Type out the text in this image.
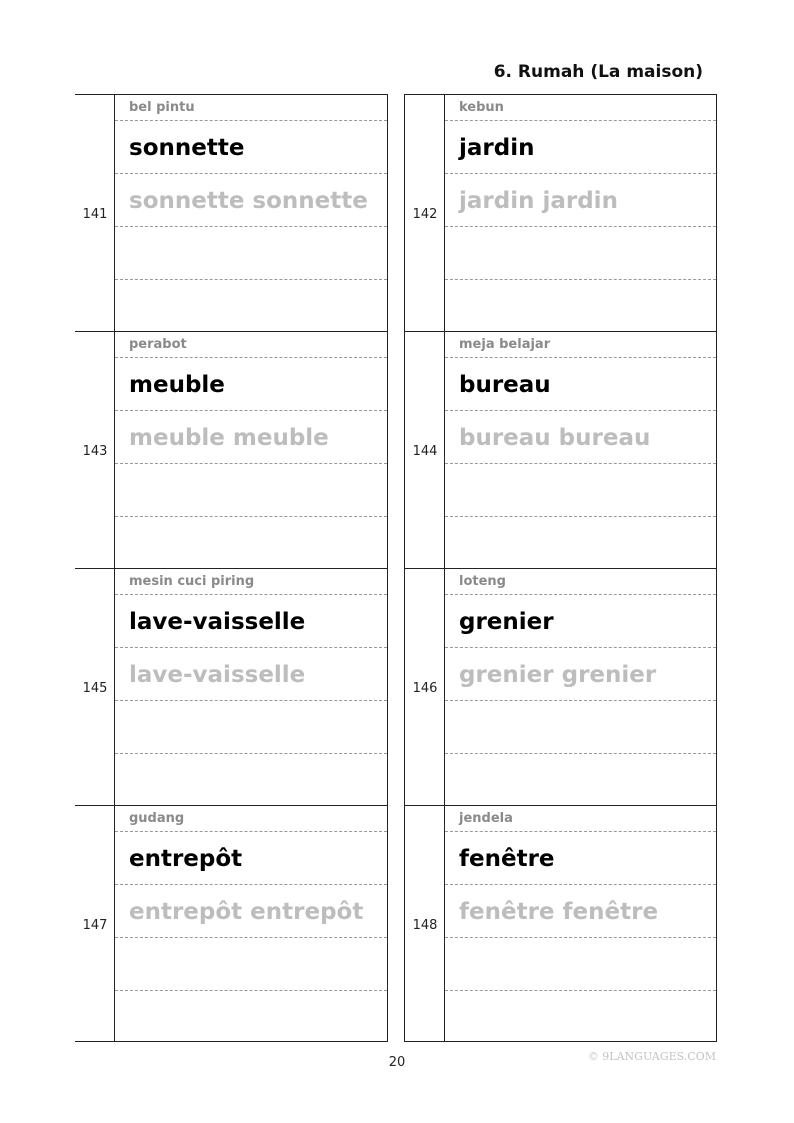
6. Rumah (La maison)
141
bel pintu
sonnette
sonnette sonnette
143
perabot
meuble
meuble meuble
145
mesin cuci piring
lave-vaisselle
lave-vaisselle
147
gudang
entrepôt
entrepôt entrepôt
142
kebun
jardin
jardin jardin
144
meja belajar
bureau
bureau bureau
146
loteng
grenier
grenier grenier
148
jendela
fenêtre
fenêtre fenêtre
20	© 9LANGUAGES.COM
